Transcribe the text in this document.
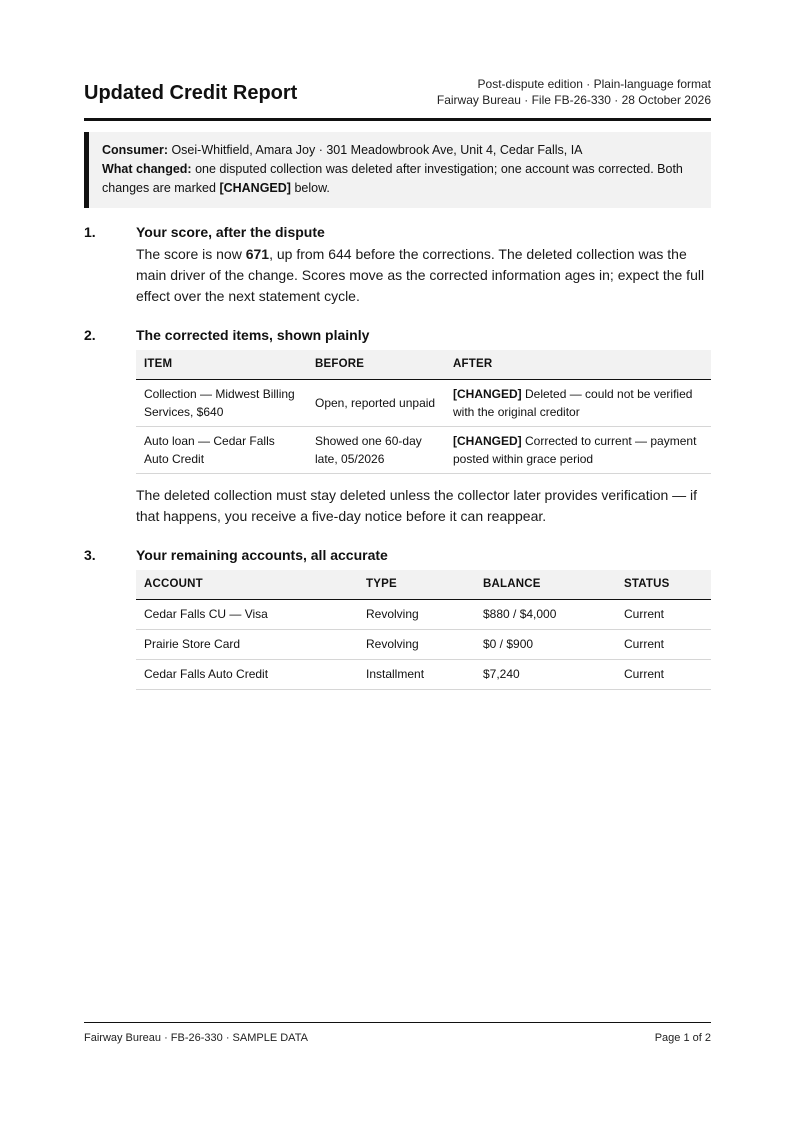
Updated Credit Report	Post-dispute edition · Plain-language format
Fairway Bureau · File FB-26-330 · 28 October 2026
Consumer: Osei-Whitfield, Amara Joy · 301 Meadowbrook Ave, Unit 4, Cedar Falls, IA
What changed: one disputed collection was deleted after investigation; one account was corrected. Both changes are marked [CHANGED] below.
1.	Your score, after the dispute
The score is now 671, up from 644 before the corrections. The deleted collection was the main driver of the change. Scores move as the corrected information ages in; expect the full effect over the next statement cycle.
2.	The corrected items, shown plainly
ITEM	BEFORE	AFTER
Collection — Midwest Billing Services, $640	Open, reported unpaid	[CHANGED] Deleted — could not be verified with the original creditor
Auto loan — Cedar Falls Auto Credit	Showed one 60-day late, 05/2026	[CHANGED] Corrected to current — payment posted within grace period
The deleted collection must stay deleted unless the collector later provides verification — if that happens, you receive a five-day notice before it can reappear.
3.	Your remaining accounts, all accurate
ACCOUNT	TYPE	BALANCE	STATUS
Cedar Falls CU — Visa	Revolving	$880 / $4,000	Current
Prairie Store Card	Revolving	$0 / $900	Current
Cedar Falls Auto Credit	Installment	$7,240	Current
Fairway Bureau · FB-26-330 · SAMPLE DATA	Page 1 of 2
